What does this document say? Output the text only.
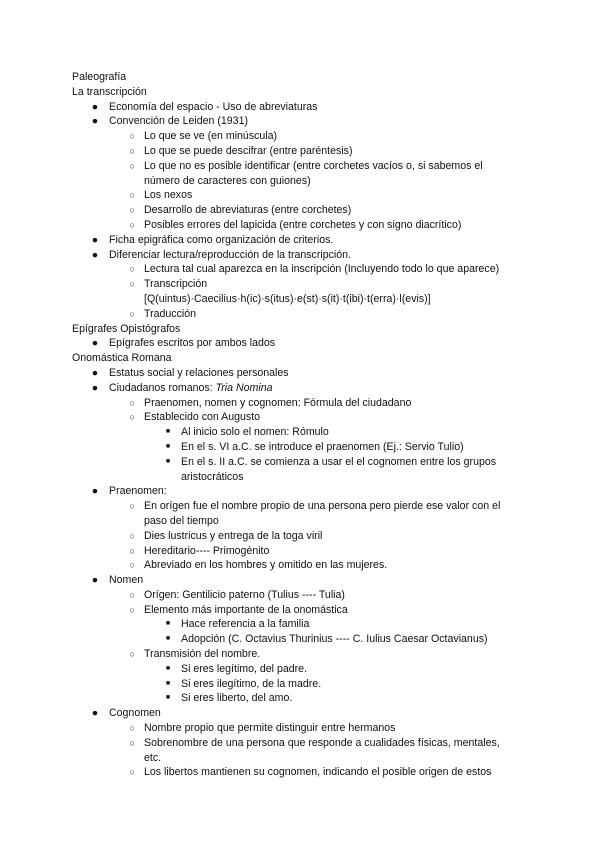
Paleografía
La transcripción
● Economía del espacio - Uso de abreviaturas
● Convención de Leiden (1931)
○ Lo que se ve (en minúscula)
○ Lo que se puede descifrar (entre paréntesis)
○ Lo que no es posible identificar (entre corchetes vacíos o, si sabemos el
número de caracteres con guiones)
○ Los nexos
○ Desarrollo de abreviaturas (entre corchetes)
○ Posibles errores del lapicida (entre corchetes y con signo diacrítico)
● Ficha epigráfica como organización de criterios.
● Diferenciar lectura/reproducción de la transcripción.
○ Lectura tal cual aparezca en la inscripción (Incluyendo todo lo que aparece)
○ Transcripción
[Q(uintus)·Caecilius·h(ic)·s(itus)·e(st)·s(it)·t(ibi)·t(erra)·l(evis)]
○ Traducción
Epígrafes Opistógrafos
● Epígrafes escritos por ambos lados
Onomástica Romana
● Estatus social y relaciones personales
● Ciudadanos romanos: Tria Nomina
○ Praenomen, nomen y cognomen: Fórmula del ciudadano
○ Establecido con Augusto
■ Al inicio solo el nomen: Rómulo
■ En el s. VI a.C. se introduce el praenomen (Ej.: Servio Tulio)
■ En el s. II a.C. se comienza a usar el el cognomen entre los grupos
aristocráticos
● Praenomen:
○ En orígen fue el nombre propio de una persona pero pierde ese valor con el
paso del tiempo
○ Dies lustricus y entrega de la toga viril
○ Hereditario---- Primogénito
○ Abreviado en los hombres y omitido en las mujeres.
● Nomen
○ Orígen: Gentilicio paterno (Tulius ---- Tulia)
○ Elemento más importante de la onomástica
■ Hace referencia a la familia
■ Adopción (C. Octavius Thurinius ---- C. Iulius Caesar Octavianus)
○ Transmisión del nombre.
■ Si eres legítimo, del padre.
■ Si eres ilegítimo, de la madre.
■ Si eres liberto, del amo.
● Cognomen
○ Nombre propio que permite distinguir entre hermanos
○ Sobrenombre de una persona que responde a cualidades físicas, mentales,
etc.
○ Los libertos mantienen su cognomen, indicando el posible origen de estos
